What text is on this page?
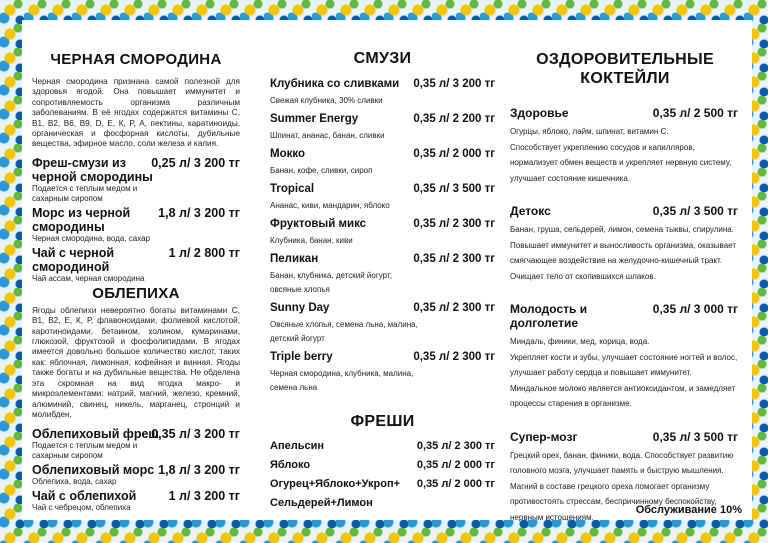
ЧЕРНАЯ СМОРОДИНА
Черная смородина признана самой полезной для здоровья ягодой. Она повышает иммунитет и сопротивляемость организма различным заболеваниям. В её ягодах содержатся витамины С, В1, В2, В6, В9, D, Е, К, Р, А, пектины, каратиноиды, органическая и фосфорная кислоты, дубильные вещества, эфирное масло, соли железа и калия.
Фреш-смузи из черной смородины
0,25 л/ 3 200 тг
Подается с теплым медом и сахарным сиропом
Морс из черной смородины
1,8 л/ 3 200 тг
Черная смородина, вода, сахар
Чай с черной смородиной
1 л/ 2 800 тг
Чай ассам, черная смородина
ОБЛЕПИХА
Ягоды облепихи невероятно богаты витаминами С, В1, В2, Е, К, Р, флавоноидами, фолиевой кислотой, каротиноидами, бетаином, холином, кумаринами, глюкозой, фруктозой и фосфолипидами. В ягодах имеется довольно большое количество кислот, таких как: яблочная, лимонная, кофейная и винная. Ягоды также богаты и на дубильные вещества. Не обделена эта скромная на вид ягодка макро- и микроэлементами: натрий, магний, железо, кремний, алюминий, свинец, никель, марганец, стронций и молибден.
Облепиховый фреш
0,35 л/ 3 200 тг
Подается с теплым медом и сахарным сиропом
Облепиховый морс 1,8 л/ 3 200 тг
Облепиха, вода, сахар
Чай с облепихой	1 л/ 3 200 тг
Чай с чебрецом, облепиха
СМУЗИ
Клубника со сливками	0,35 л/ 3 200 тг
Свежая клубника, 30% сливки
Summer Energy	0,35 л/ 2 200 тг
Шпинат, ананас, банан, сливки
Мокко	0,35 л/ 2 000 тг
Банан, кофе, сливки, сироп
Tropical	0,35 л/ 3 500 тг
Ананас, киви, мандарин, яблоко
Фруктовый микс	0,35 л/ 2 300 тг
Клубника, банан, киви
Пеликан	0,35 л/ 2 300 тг
Банан, клубника, детский йогурт, овсяные хлопья
Sunny Day	0,35 л/ 2 300 тг
Овсяные хлопья, семена льна, малина, детский йогурт
Triple berry	0,35 л/ 2 300 тг
Черная смородина, клубника, малина, семена льна
ФРЕШИ
Апельсин	0,35 л/ 2 300 тг
Яблоко	0,35 л/ 2 000 тг
Огурец+Яблоко+Укроп+	0,35 л/ 2 000 тг
Сельдерей+Лимон
ОЗДОРОВИТЕЛЬНЫЕ КОКТЕЙЛИ
Здоровье	0,35 л/ 2 500 тг
Огурцы, яблоко, лайм, шпинат, витамин С.
Способствует укреплению сосудов и капилляров,
нормализует обмен веществ и укрепляет нервную систему,
улучшает состояние кишечника.
Детокс	0,35 л/ 3 500 тг
Банан, груша, сельдерей, лимон, семена тыквы, спирулина.
Повышает иммунитет и выносливость организма, оказывает
смягчающее воздействие на желудочно-кишечный тракт.
Очищает тело от скопившихся шлаков.
Молодость и долголетие
0,35 л/ 3 000 тг
Миндаль, финики, мед, корица, вода.
Укрепляет кости и зубы, улучшает состояние ногтей и волос,
улучшает работу сердца и повышает иммунитет.
Миндальное молоко является антиоксидантом, и замедляет
процессы старения в организме.
Супер-мозг	0,35 л/ 3 500 тг
Грецкий орех, банан, финики, вода. Способствует развитию
головного мозга, улучшает память и быструю мышления.
Магний в составе грецкого ореха помогает организму
противостоять стрессам, беспричинному беспокойству,
нервным истощениям.
Обслуживание 10%
